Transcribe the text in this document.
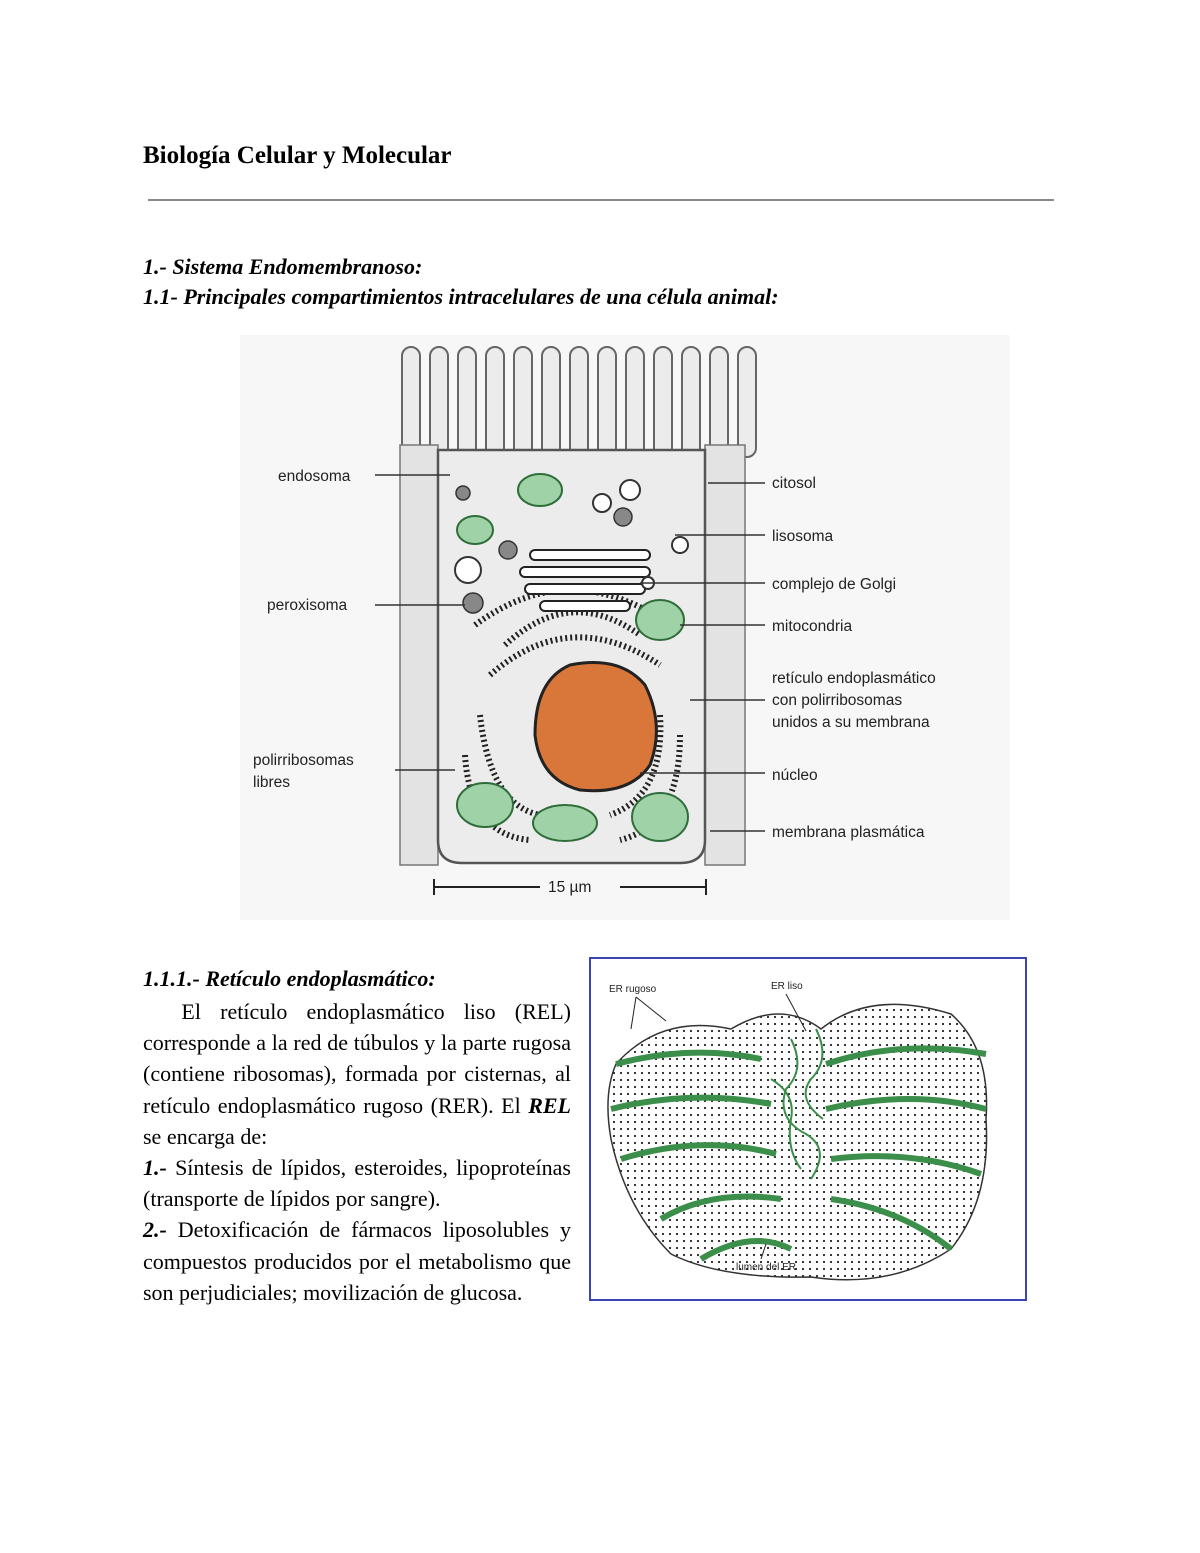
Biología Celular y Molecular
1.- Sistema Endomembranoso:
1.1- Principales compartimientos intracelulares de una célula animal:
endosoma
peroxisoma
polirribosomas
libres
citosol
lisosoma
complejo de Golgi
mitocondria
retículo endoplasmático
con polirribosomas
unidos a su membrana
núcleo
membrana plasmática
15 µm
1.1.1.- Retículo endoplasmático:

El retículo endoplasmático liso (REL) corresponde a la red de túbulos y la parte rugosa (contiene ribosomas), formada por cisternas, al retículo endoplasmático rugoso (RER). El REL se encarga de:

1.- Síntesis de lípidos, esteroides, lipoproteínas (transporte de lípidos por sangre).

2.- Detoxificación de fármacos liposolubles y compuestos producidos por el metabolismo que son perjudiciales; movilización de glucosa.

ER rugoso	ER liso
lumen del ER
